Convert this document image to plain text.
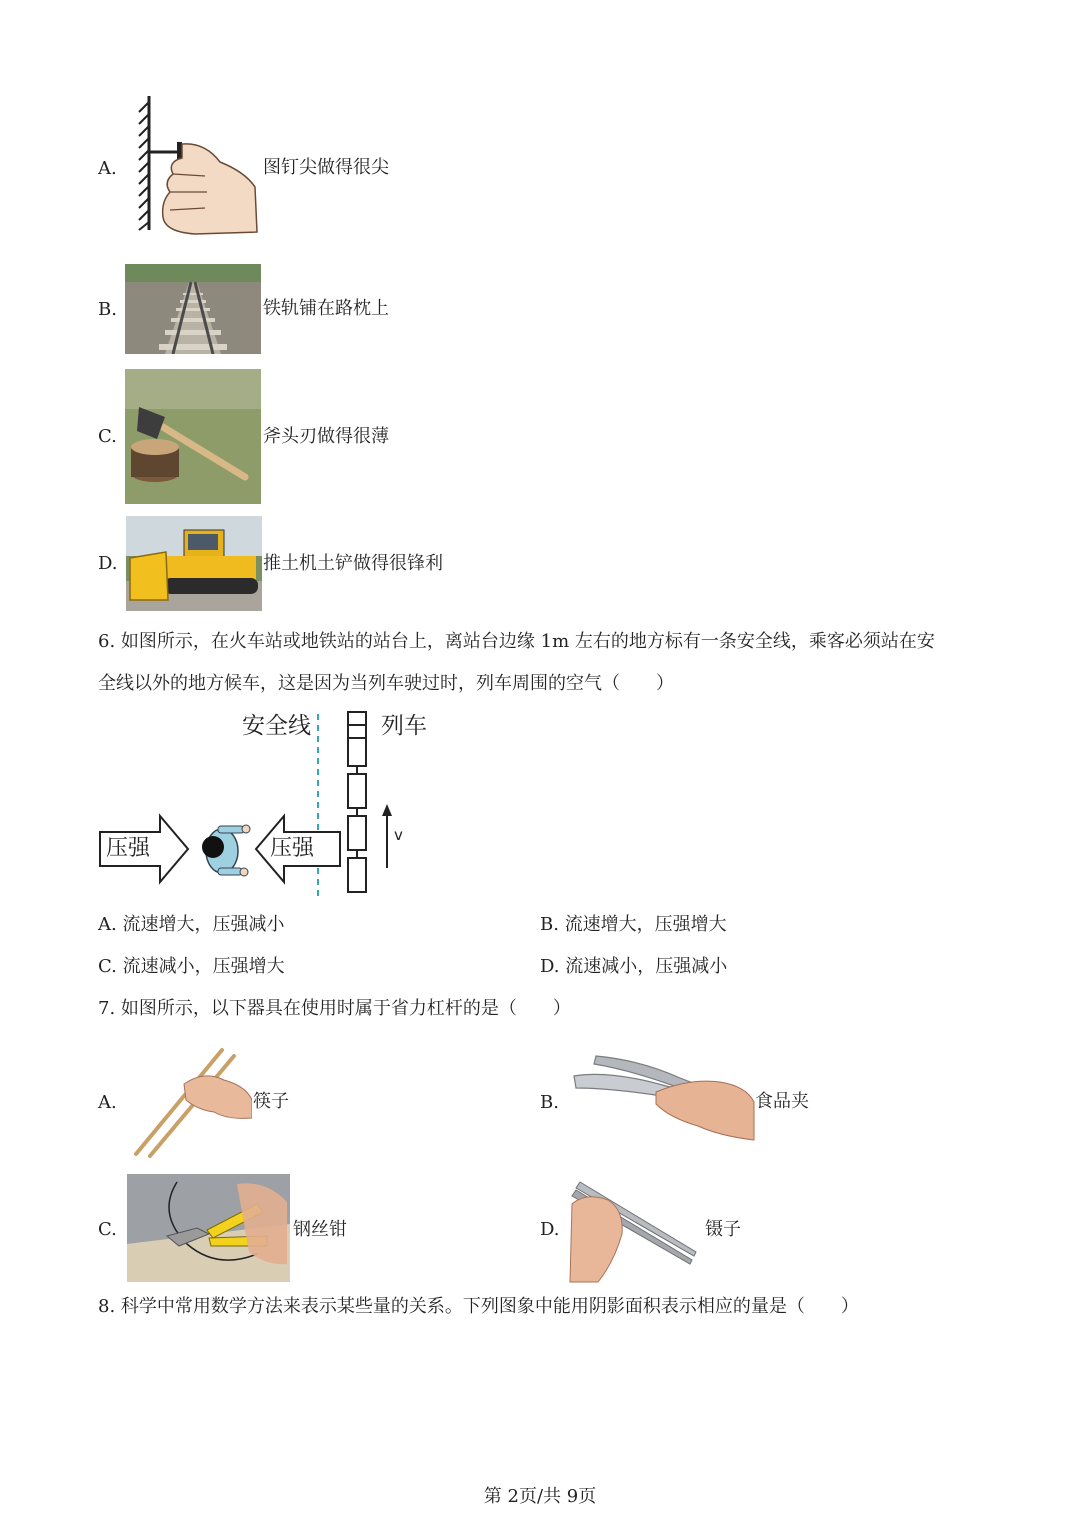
A.	图钉尖做得很尖
B.	铁轨铺在路枕上
C.	斧头刃做得很薄
D.	推土机土铲做得很锋利
6. 如图所示，在火车站或地铁站的站台上，离站台边缘 1m 左右的地方标有一条安全线，乘客必须站在安
全线以外的地方候车，这是因为当列车驶过时，列车周围的空气（　　）
安全线	列车
压强	压强
v
A. 流速增大，压强减小	B. 流速增大，压强增大
C. 流速减小，压强增大	D. 流速减小，压强减小
7. 如图所示，以下器具在使用时属于省力杠杆的是（　　）
A.	筷子	B.	食品夹
C.	钢丝钳	D.	镊子
8. 科学中常用数学方法来表示某些量的关系。下列图象中能用阴影面积表示相应的量是（　　）
第 2页/共 9页
